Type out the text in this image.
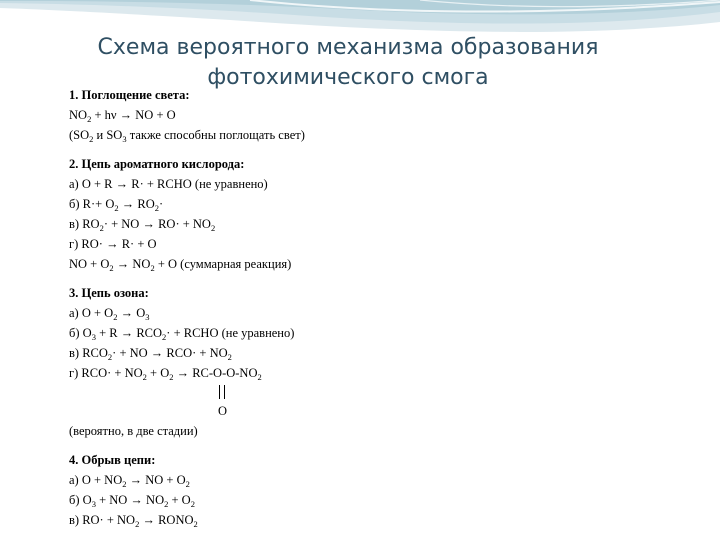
Схема вероятного механизма образования
фотохимического смога
1. Поглощение света:
$NO_2 + h\nu$ → NO + O
($SO_2$ и $SO_3$ также способны поглощать свет)
2. Цепь ароматного кислорода:
а) O + R → R· + RCHO (не уравнено)
б) $R\cdot+ O_2 \to RO_2\cdot$
в) $RO_2\cdot$ + NO → $RO\cdot + NO_2$
г) RO· → R· + O
NO + $O_2 \to NO_2 + O$ (суммарная реакция)
3. Цепь озона:
а) $O + O_2 \to O_3$
б) $O_3 + R \to RCO_2\cdot$ + RCHO (не уравнено)
в) $RCO_2\cdot$ + NO → $RCO\cdot + NO_2$
г) $RCO\cdot + NO_2 + O_2 \to RC-O-O-NO_2$
O
(вероятно, в две стадии)
4. Обрыв цепи:
а) $O + NO_2$ → NO + $O_2$
б) $O_3$ + NO → $NO_2 + O_2$
в) $RO\cdot + NO_2$ → $RONO_2$
